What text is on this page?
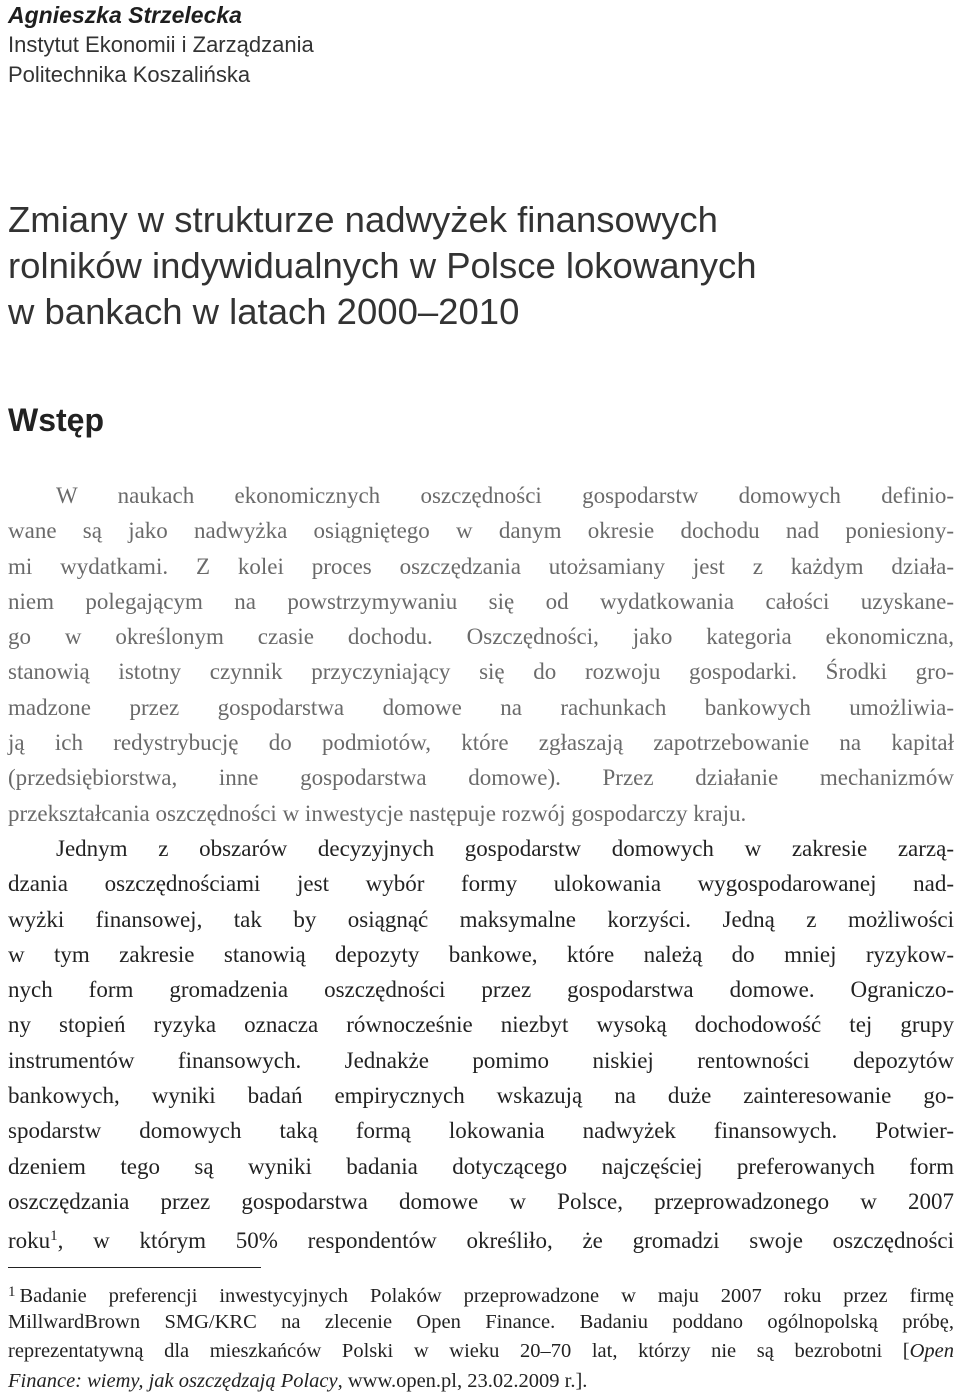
Agnieszka Strzelecka
Instytut Ekonomii i Zarządzania
Politechnika Koszalińska
Zmiany w strukturze nadwyżek finansowych
rolników indywidualnych w Polsce lokowanych
w bankach w latach 2000–2010
Wstęp
W naukach ekonomicznych oszczędności gospodarstw domowych definio-
wane są jako nadwyżka osiągniętego w danym okresie dochodu nad poniesiony-
mi wydatkami. Z kolei proces oszczędzania utożsamiany jest z każdym działa-
niem polegającym na powstrzymywaniu się od wydatkowania całości uzyskane-
go w określonym czasie dochodu. Oszczędności, jako kategoria ekonomiczna,
stanowią istotny czynnik przyczyniający się do rozwoju gospodarki. Środki gro-
madzone przez gospodarstwa domowe na rachunkach bankowych umożliwia-
ją ich redystrybucję do podmiotów, które zgłaszają zapotrzebowanie na kapitał
(przedsiębiorstwa, inne gospodarstwa domowe). Przez działanie mechanizmów
przekształcania oszczędności w inwestycje następuje rozwój gospodarczy kraju.
Jednym z obszarów decyzyjnych gospodarstw domowych w zakresie zarzą-
dzania oszczędnościami jest wybór formy ulokowania wygospodarowanej nad-
wyżki finansowej, tak by osiągnąć maksymalne korzyści. Jedną z możliwości
w tym zakresie stanowią depozyty bankowe, które należą do mniej ryzykow-
nych form gromadzenia oszczędności przez gospodarstwa domowe. Ograniczo-
ny stopień ryzyka oznacza równocześnie niezbyt wysoką dochodowość tej grupy
instrumentów finansowych. Jednakże pomimo niskiej rentowności depozytów
bankowych, wyniki badań empirycznych wskazują na duże zainteresowanie go-
spodarstw domowych taką formą lokowania nadwyżek finansowych. Potwier-
dzeniem tego są wyniki badania dotyczącego najczęściej preferowanych form
oszczędzania przez gospodarstwa domowe w Polsce, przeprowadzonego w 2007
roku$^1$, w którym 50% respondentów określiło, że gromadzi swoje oszczędności
$^1$ Badanie preferencji inwestycyjnych Polaków przeprowadzone w maju 2007 roku przez firmę
MillwardBrown SMG/KRC na zlecenie Open Finance. Badaniu poddano ogólnopolską próbę,
reprezentatywną dla mieszkańców Polski w wieku 20–70 lat, którzy nie są bezrobotni [Open
Finance: wiemy, jak oszczędzają Polacy, www.open.pl, 23.02.2009 r.].
